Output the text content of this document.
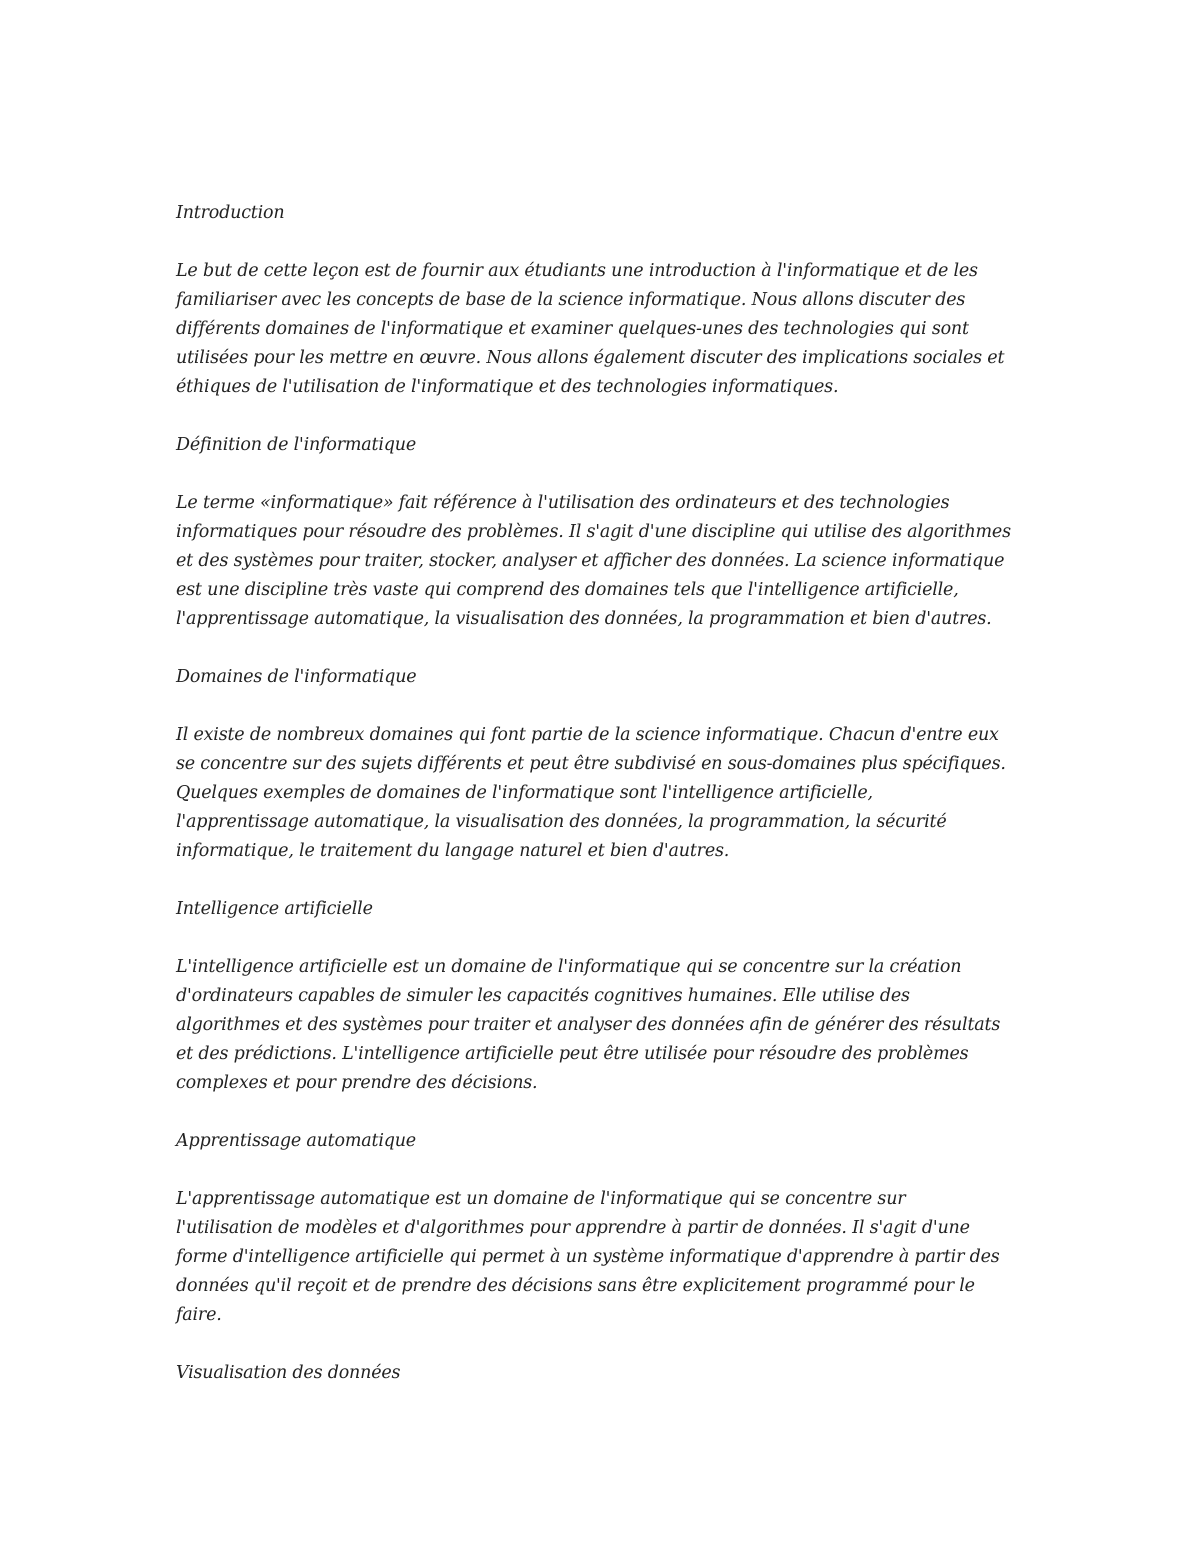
Introduction
Le but de cette leçon est de fournir aux étudiants une introduction à l'informatique et de les
familiariser avec les concepts de base de la science informatique. Nous allons discuter des
différents domaines de l'informatique et examiner quelques-unes des technologies qui sont
utilisées pour les mettre en œuvre. Nous allons également discuter des implications sociales et
éthiques de l'utilisation de l'informatique et des technologies informatiques.
Définition de l'informatique
Le terme «informatique» fait référence à l'utilisation des ordinateurs et des technologies
informatiques pour résoudre des problèmes. Il s'agit d'une discipline qui utilise des algorithmes
et des systèmes pour traiter, stocker, analyser et afficher des données. La science informatique
est une discipline très vaste qui comprend des domaines tels que l'intelligence artificielle,
l'apprentissage automatique, la visualisation des données, la programmation et bien d'autres.
Domaines de l'informatique
Il existe de nombreux domaines qui font partie de la science informatique. Chacun d'entre eux
se concentre sur des sujets différents et peut être subdivisé en sous-domaines plus spécifiques.
Quelques exemples de domaines de l'informatique sont l'intelligence artificielle,
l'apprentissage automatique, la visualisation des données, la programmation, la sécurité
informatique, le traitement du langage naturel et bien d'autres.
Intelligence artificielle
L'intelligence artificielle est un domaine de l'informatique qui se concentre sur la création
d'ordinateurs capables de simuler les capacités cognitives humaines. Elle utilise des
algorithmes et des systèmes pour traiter et analyser des données afin de générer des résultats
et des prédictions. L'intelligence artificielle peut être utilisée pour résoudre des problèmes
complexes et pour prendre des décisions.
Apprentissage automatique
L'apprentissage automatique est un domaine de l'informatique qui se concentre sur
l'utilisation de modèles et d'algorithmes pour apprendre à partir de données. Il s'agit d'une
forme d'intelligence artificielle qui permet à un système informatique d'apprendre à partir des
données qu'il reçoit et de prendre des décisions sans être explicitement programmé pour le
faire.
Visualisation des données
